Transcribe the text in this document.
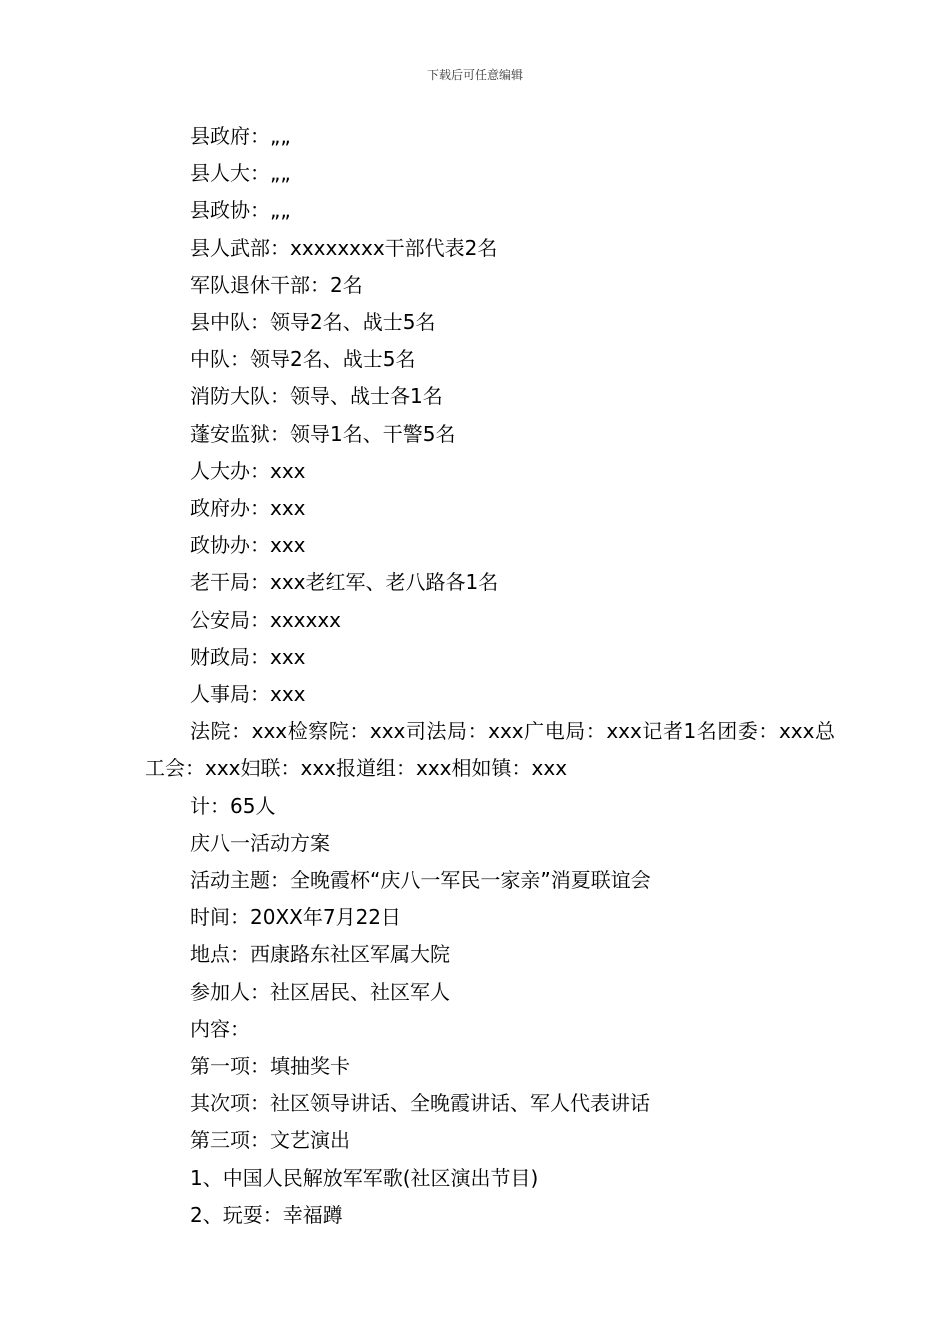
下载后可任意编辑

县政府：„„

县人大：„„

县政协：„„

县人武部：xxxxxxxx干部代表2名

军队退休干部：2名

县中队：领导2名、战士5名

中队：领导2名、战士5名

消防大队：领导、战士各1名

蓬安监狱：领导1名、干警5名

人大办：xxx

政府办：xxx

政协办：xxx

老干局：xxx老红军、老八路各1名

公安局：xxxxxx

财政局：xxx

人事局：xxx

法院：xxx检察院：xxx司法局：xxx广电局：xxx记者1名团委：xxx总工会：xxx妇联：xxx报道组：xxx相如镇：xxx

计：65人

庆八一活动方案

活动主题：全晚霞杯“庆八一军民一家亲”消夏联谊会

时间：20XX年7月22日

地点：西康路东社区军属大院

参加人：社区居民、社区军人

内容：

第一项：填抽奖卡

其次项：社区领导讲话、全晚霞讲话、军人代表讲话

第三项：文艺演出

1、中国人民解放军军歌(社区演出节目)

2、玩耍：幸福蹲
